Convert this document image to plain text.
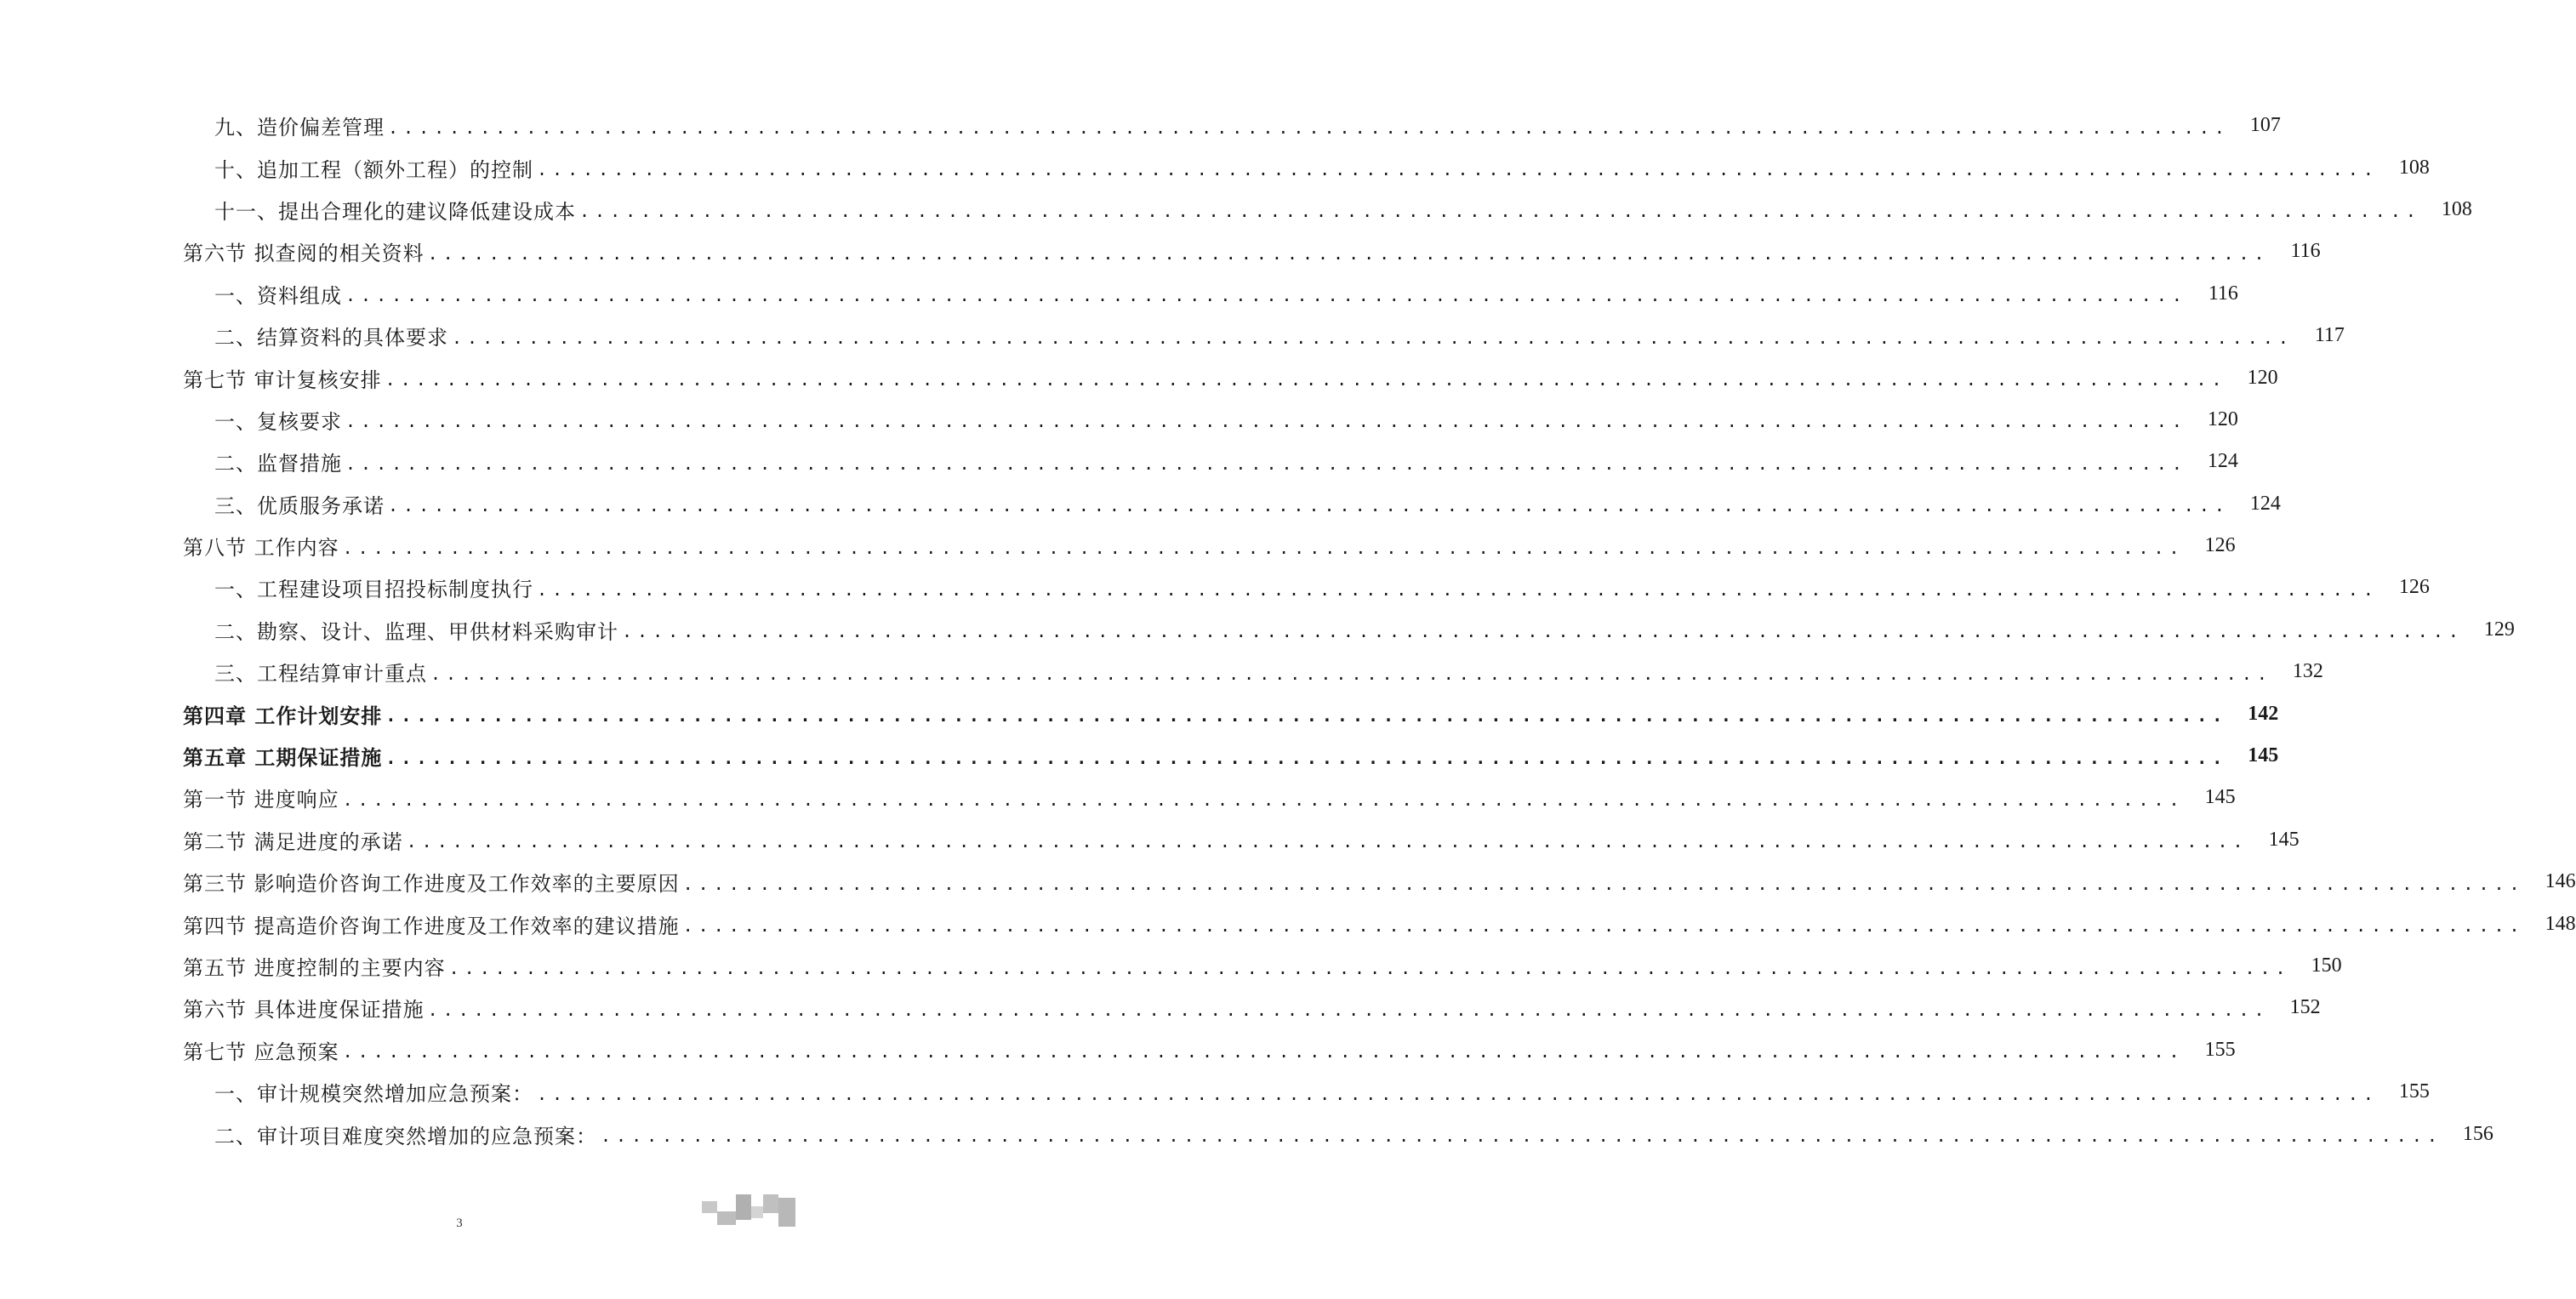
九、造价偏差管理 ........................................................................................................................	107
十、追加工程（额外工程）的控制 ........................................................................................................................	108
十一、提出合理化的建议降低建设成本 ........................................................................................................................	108
第六节 拟查阅的相关资料 ........................................................................................................................	116
一、资料组成 ........................................................................................................................	116
二、结算资料的具体要求 ........................................................................................................................	117
第七节 审计复核安排 ........................................................................................................................	120
一、复核要求 ........................................................................................................................	120
二、监督措施 ........................................................................................................................	124
三、优质服务承诺 ........................................................................................................................	124
第八节 工作内容 ........................................................................................................................	126
一、工程建设项目招投标制度执行 ........................................................................................................................	126
二、勘察、设计、监理、甲供材料采购审计 ........................................................................................................................	129
三、工程结算审计重点 ........................................................................................................................	132
第四章 工作计划安排 ........................................................................................................................	142
第五章 工期保证措施 ........................................................................................................................	145
第一节 进度响应 ........................................................................................................................	145
第二节 满足进度的承诺 ........................................................................................................................	145
第三节 影响造价咨询工作进度及工作效率的主要原因 ........................................................................................................................	146
第四节 提高造价咨询工作进度及工作效率的建议措施 ........................................................................................................................	148
第五节 进度控制的主要内容 ........................................................................................................................	150
第六节 具体进度保证措施 ........................................................................................................................	152
第七节 应急预案 ........................................................................................................................	155
一、审计规模突然增加应急预案： ........................................................................................................................	155
二、审计项目难度突然增加的应急预案： ........................................................................................................................	156
3
